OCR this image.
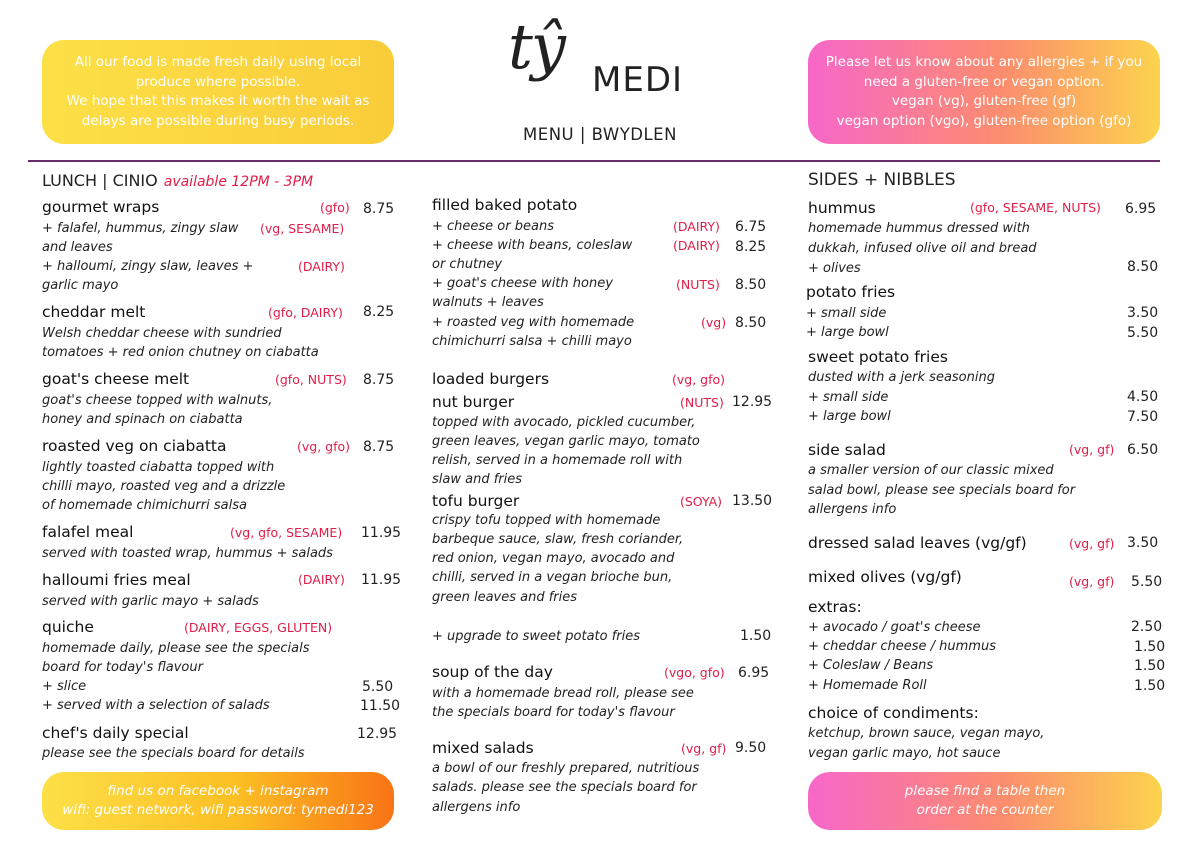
All our food is made fresh daily using local
produce where possible.
We hope that this makes it worth the wait as
delays are possible during busy periods.
tŷ MEDI
MENU | BWYDLEN
Please let us know about any allergies + if you
need a gluten-free or vegan option.
vegan (vg), gluten-free (gf)
vegan option (vgo), gluten-free option (gfo)
LUNCH | CINIO available 12PM - 3PM
gourmet wraps	(gfo) 8.75
+ falafel, hummus, zingy slaw (vg, SESAME)
and leaves
+ halloumi, zingy slaw, leaves +	(DAIRY)
garlic mayo
cheddar melt	(gfo, DAIRY) 8.25
Welsh cheddar cheese with sundried
tomatoes + red onion chutney on ciabatta
goat's cheese melt	(gfo, NUTS) 8.75
goat's cheese topped with walnuts,
honey and spinach on ciabatta
roasted veg on ciabatta	(vg, gfo) 8.75
lightly toasted ciabatta topped with
chilli mayo, roasted veg and a drizzle
of homemade chimichurri salsa
falafel meal	(vg, gfo, SESAME) 11.95
served with toasted wrap, hummus + salads
halloumi fries meal	(DAIRY) 11.95
served with garlic mayo + salads
quiche	(DAIRY, EGGS, GLUTEN)
homemade daily, please see the specials
board for today's flavour
+ slice	5.50
+ served with a selection of salads	11.50
chef's daily special	12.95
please see the specials board for details
find us on facebook + instagram
wifi: guest network, wifi password: tymedi123
filled baked potato
+ cheese or beans	(DAIRY) 6.75
+ cheese with beans, coleslaw	(DAIRY) 8.25
or chutney
+ goat's cheese with honey	(NUTS) 8.50
walnuts + leaves
+ roasted veg with homemade	(vg) 8.50
chimichurri salsa + chilli mayo
loaded burgers	(vg, gfo)
nut burger	(NUTS) 12.95
topped with avocado, pickled cucumber,
green leaves, vegan garlic mayo, tomato
relish, served in a homemade roll with
slaw and fries
tofu burger	(SOYA) 13.50
crispy tofu topped with homemade
barbeque sauce, slaw, fresh coriander,
red onion, vegan mayo, avocado and
chilli, served in a vegan brioche bun,
green leaves and fries
+ upgrade to sweet potato fries	1.50
soup of the day	(vgo, gfo) 6.95
with a homemade bread roll, please see
the specials board for today's flavour
mixed salads	(vg, gf) 9.50
a bowl of our freshly prepared, nutritious
salads. please see the specials board for
allergens info
SIDES + NIBBLES
hummus	(gfo, SESAME, NUTS) 6.95
homemade hummus dressed with
dukkah, infused olive oil and bread
+ olives	8.50
potato fries
+ small side	3.50
+ large bowl	5.50
sweet potato fries
dusted with a jerk seasoning
+ small side	4.50
+ large bowl	7.50
side salad	(vg, gf) 6.50
a smaller version of our classic mixed
salad bowl, please see specials board for
allergens info
dressed salad leaves (vg/gf)	(vg, gf) 3.50
mixed olives (vg/gf)	(vg, gf) 5.50
extras:
+ avocado / goat's cheese	2.50
+ cheddar cheese / hummus	1.50
+ Coleslaw / Beans	1.50
+ Homemade Roll	1.50
choice of condiments:
ketchup, brown sauce, vegan mayo,
vegan garlic mayo, hot sauce
please find a table then
order at the counter
